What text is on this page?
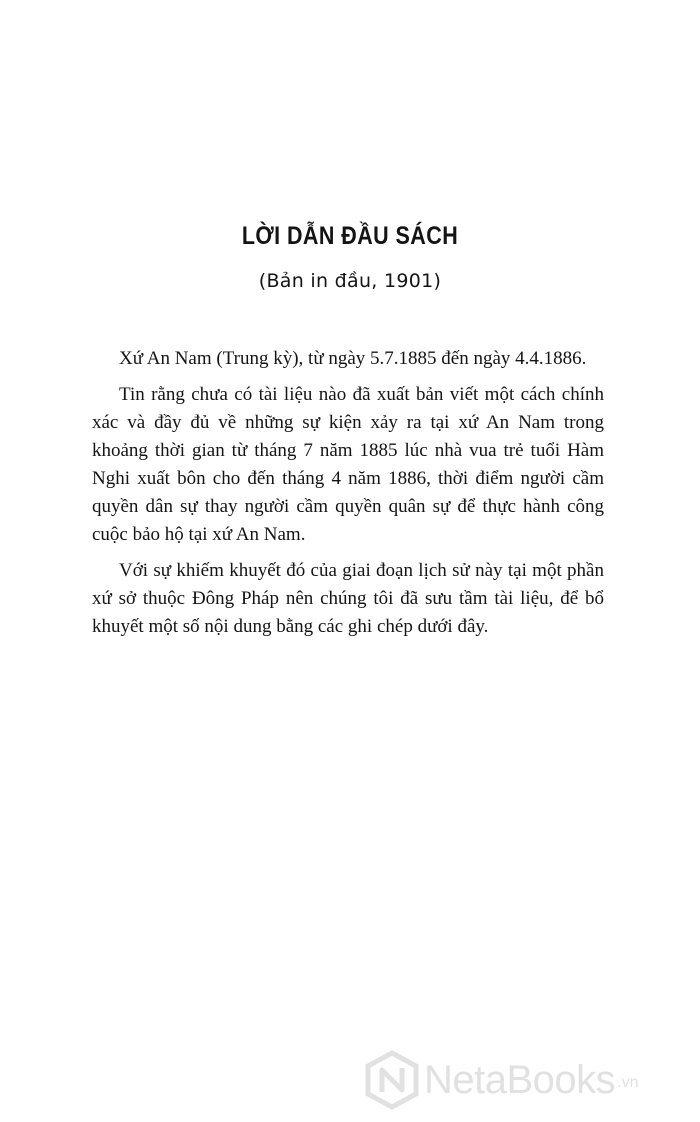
LỜI DẪN ĐẦU SÁCH
(Bản in đầu, 1901)

Xứ An Nam (Trung kỳ), từ ngày 5.7.1885 đến ngày 4.4.1886.

Tin rằng chưa có tài liệu nào đã xuất bản viết một cách chính xác và đầy đủ về những sự kiện xảy ra tại xứ An Nam trong khoảng thời gian từ tháng 7 năm 1885 lúc nhà vua trẻ tuổi Hàm Nghi xuất bôn cho đến tháng 4 năm 1886, thời điểm người cầm quyền dân sự thay người cầm quyền quân sự để thực hành công cuộc bảo hộ tại xứ An Nam.

Với sự khiếm khuyết đó của giai đoạn lịch sử này tại một phần xứ sở thuộc Đông Pháp nên chúng tôi đã sưu tầm tài liệu, để bổ khuyết một số nội dung bằng các ghi chép dưới đây.

NetaBooks .vn
